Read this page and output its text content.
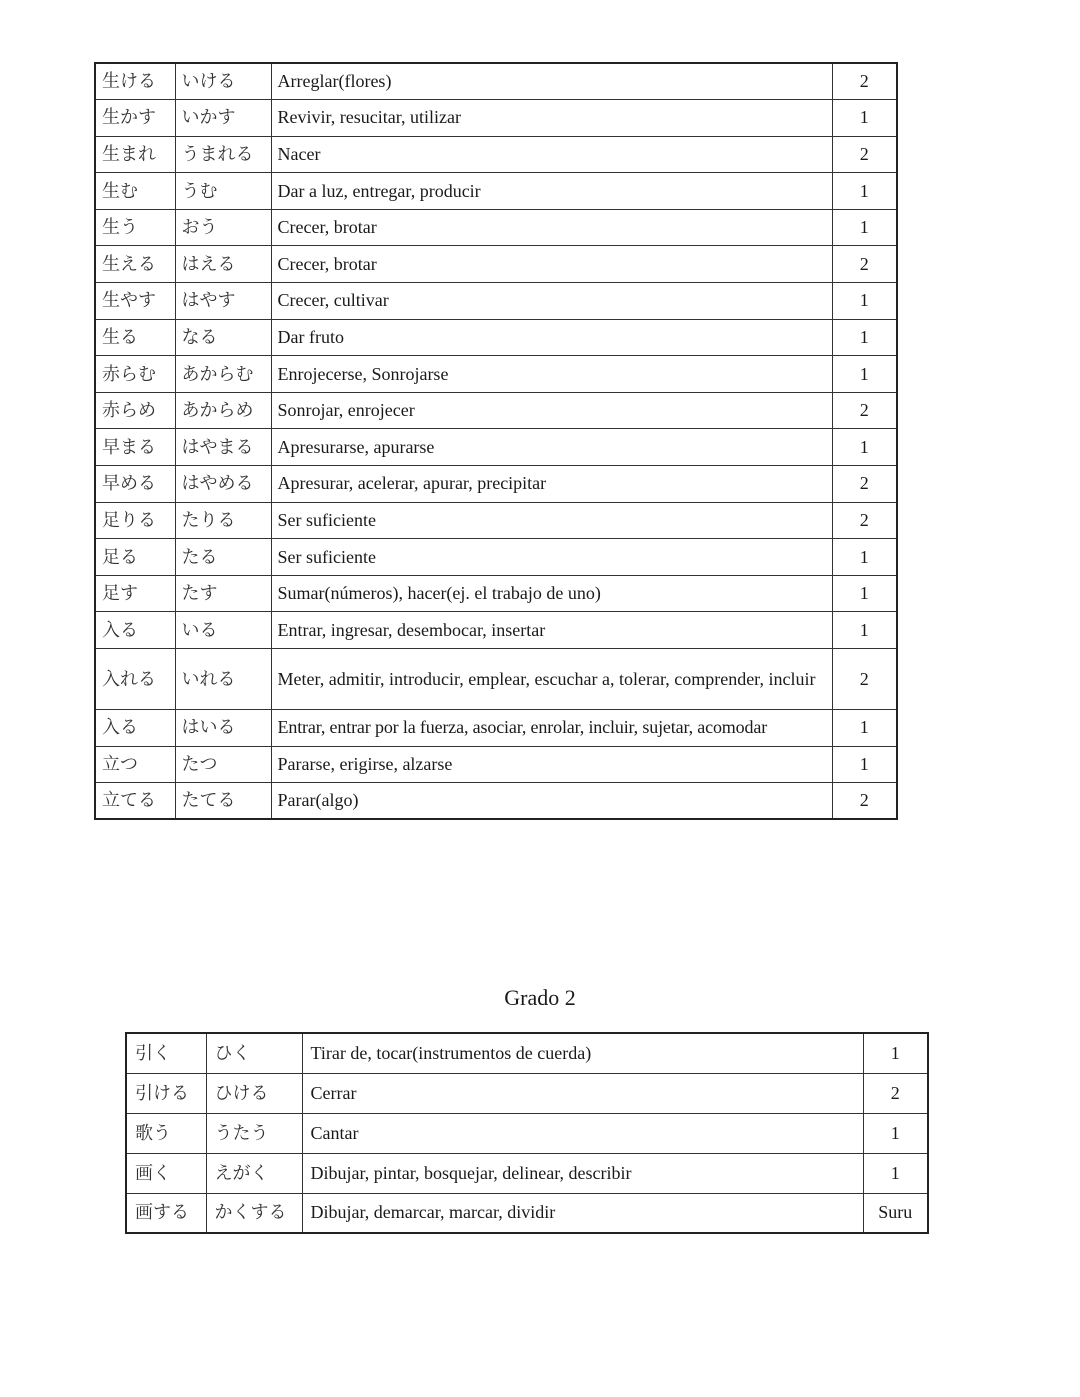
生ける	いける	Arreglar(flores)	2
生かす	いかす	Revivir, resucitar, utilizar	1
生まれ	うまれる	Nacer	2
生む	うむ	Dar a luz, entregar, producir	1
生う	おう	Crecer, brotar	1
生える	はえる	Crecer, brotar	2
生やす	はやす	Crecer, cultivar	1
生る	なる	Dar fruto	1
赤らむ	あからむ	Enrojecerse, Sonrojarse	1
赤らめ	あからめ	Sonrojar, enrojecer	2
早まる	はやまる	Apresurarse, apurarse	1
早める	はやめる	Apresurar, acelerar, apurar, precipitar	2
足りる	たりる	Ser suficiente	2
足る	たる	Ser suficiente	1
足す	たす	Sumar(números), hacer(ej. el trabajo de uno)	1
入る	いる	Entrar, ingresar, desembocar, insertar	1
入れる	いれる	Meter, admitir, introducir, emplear, escuchar a, tolerar, comprender, incluir	2
入る	はいる	Entrar, entrar por la fuerza, asociar, enrolar, incluir, sujetar, acomodar	1
立つ	たつ	Pararse, erigirse, alzarse	1
立てる	たてる	Parar(algo)	2
Grado 2
引く	ひく	Tirar de, tocar(instrumentos de cuerda)	1
引ける	ひける	Cerrar	2
歌う	うたう	Cantar	1
画く	えがく	Dibujar, pintar, bosquejar, delinear, describir	1
画する	かくする	Dibujar, demarcar, marcar, dividir	Suru
